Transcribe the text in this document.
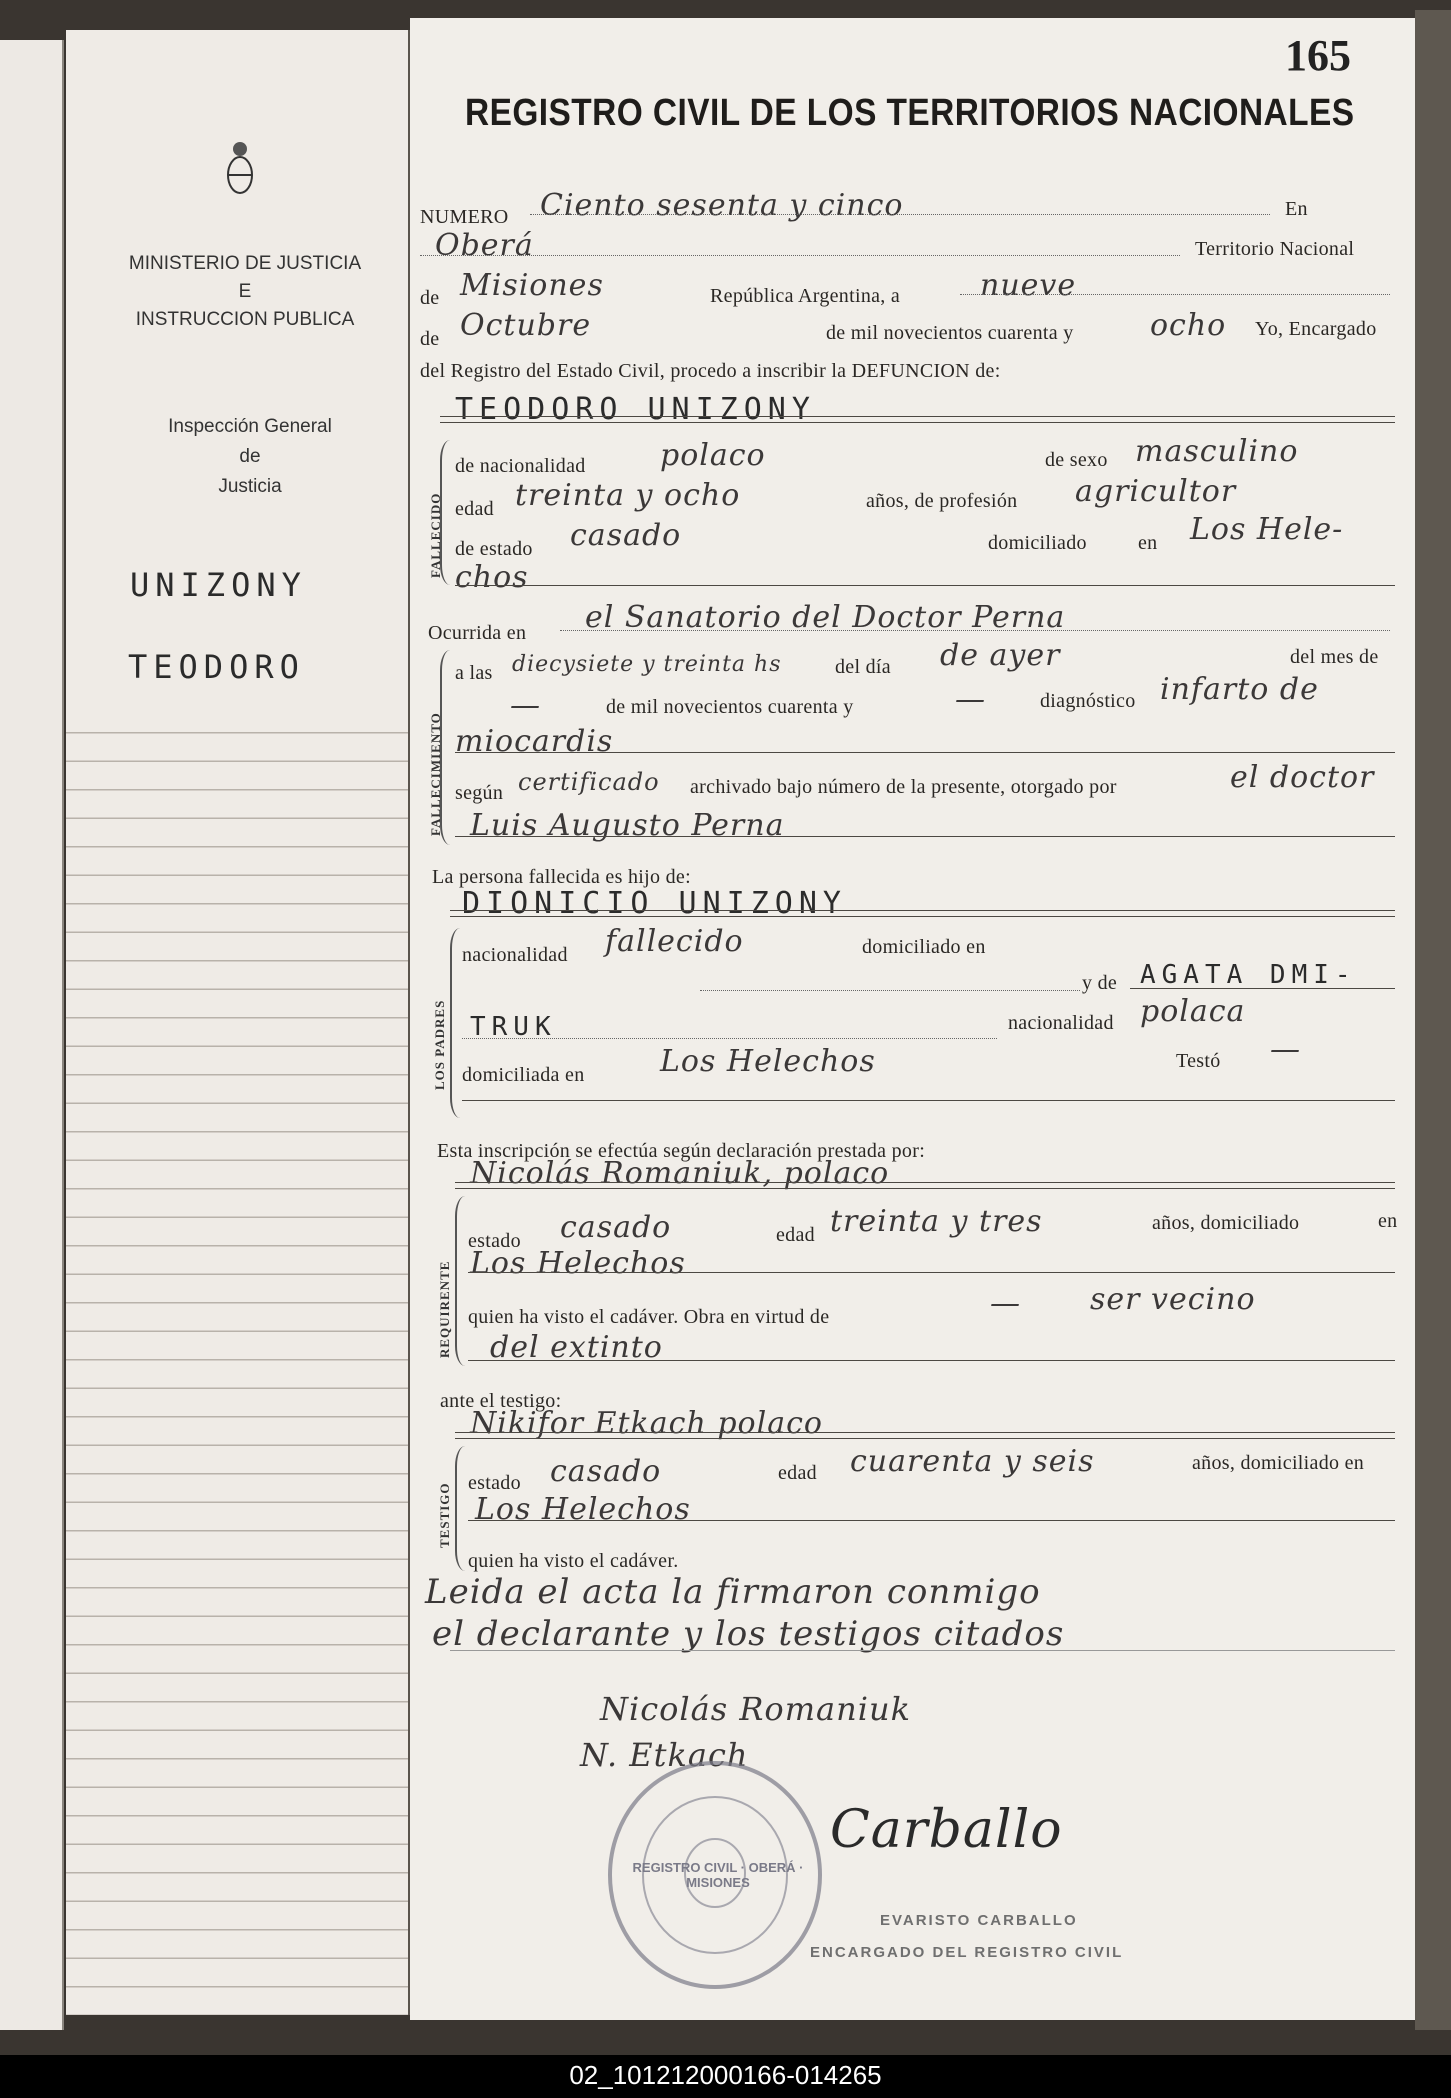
MINISTERIO DE JUSTICIA
E
INSTRUCCION PUBLICA
Inspección General
de
Justicia
UNIZONY
TEODORO
165
REGISTRO CIVIL DE LOS TERRITORIOS NACIONALES
NUMERO Ciento sesenta y cinco	En
Oberá	Territorio Nacional
de Misiones	República Argentina, a	nueve
de Octubre	de mil novecientos cuarenta y	ocho Yo, Encargado
del Registro del Estado Civil, procedo a inscribir la DEFUNCION de:
TEODORO UNIZONY
FALLECIDO
de nacionalidad polaco	de sexo masculino
edad treinta y ocho	años, de profesión agricultor
de estado casado	domiciliado	en Los Hele-
chos
Ocurrida en el Sanatorio del Doctor Perna
FALLECIMIENTO
a las diecysiete y treinta hs	del día de ayer	del mes de
—	de mil novecientos cuarenta y	—	diagnóstico infarto de
miocardis
según certificado archivado bajo número de la presente, otorgado por	el doctor
Luis Augusto Perna
La persona fallecida es hijo de:
DIONICIO UNIZONY
LOS PADRES
nacionalidad fallecido	domiciliado en
y de AGATA DMI-
TRUK	nacionalidad polaca
domiciliada en	Los Helechos	Testó —
Esta inscripción se efectúa según declaración prestada por:
Nicolás Romaniuk, polaco
REQUIRENTE
estado casado	edad treinta y tres	años, domiciliado	en
Los Helechos
quien ha visto el cadáver. Obra en virtud de	— ser vecino
del extinto
ante el testigo:
Nikifor Etkach polaco
TESTIGO estado casado	edad cuarenta y seis	años, domiciliado en
Los Helechos
quien ha visto el cadáver.
Leida el acta la firmaron conmigo
el declarante y los testigos citados
Nicolás Romaniuk
N. Etkach
REGISTRO CIVIL · OBERÁ · MISIONES
Carballo
EVARISTO CARBALLO
ENCARGADO DEL REGISTRO CIVIL
02_101212000166-014265
